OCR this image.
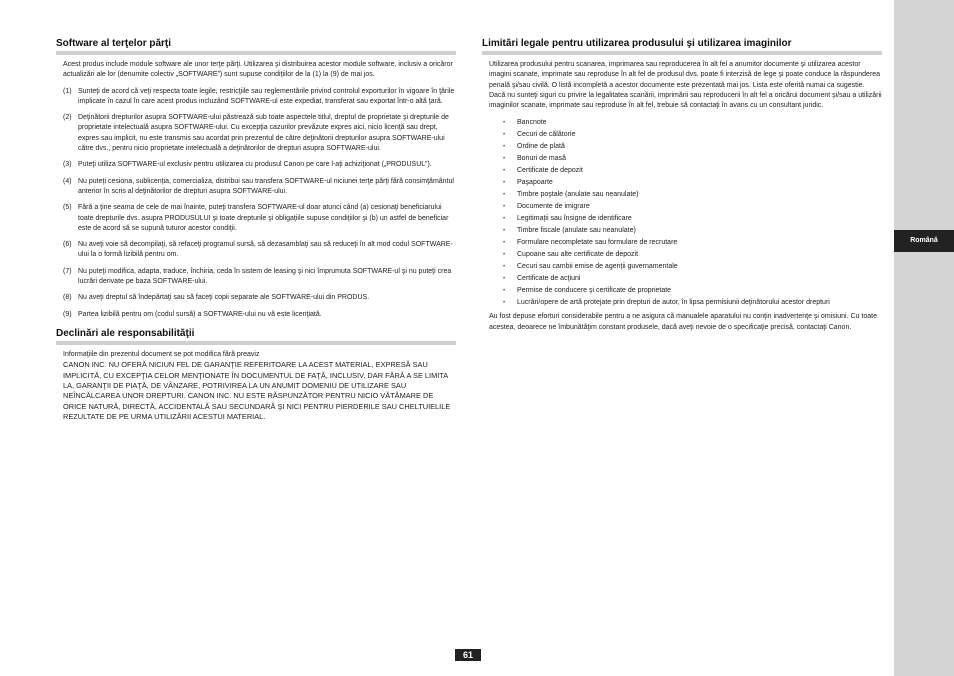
Română
Software al terţelor părţi

Acest produs include module software ale unor terţe părţi. Utilizarea şi distribuirea acestor module software, inclusiv a oricăror actualizări ale lor (denumite colectiv „SOFTWARE”) sunt supuse condiţiilor de la (1) la (9) de mai jos.

(1) Sunteţi de acord că veţi respecta toate legile, restricţiile sau reglementările privind controlul exporturilor în vigoare în ţările implicate în cazul în care acest produs incluzând SOFTWARE-ul este expediat, transferat sau exportat într-o altă ţară.
(2) Deţinătorii drepturilor asupra SOFTWARE-ului păstrează sub toate aspectele titlul, dreptul de proprietate şi drepturile de proprietate intelectuală asupra SOFTWARE-ului. Cu excepţia cazurilor prevăzute expres aici, nicio licenţă sau drept, expres sau implicit, nu este transmis sau acordat prin prezentul de către deţinătorii drepturilor asupra SOFTWARE-ului către dvs., pentru nicio proprietate intelectuală a deţinătorilor de drepturi asupra SOFTWARE-ului.
(3) Puteţi utiliza SOFTWARE-ul exclusiv pentru utilizarea cu produsul Canon pe care l-aţi achiziţionat („PRODUSUL”).
(4) Nu puteţi cesiona, sublicenţia, comercializa, distribui sau transfera SOFTWARE-ul niciunei terţe părţi fără consimţământul anterior în scris al deţinătorilor de drepturi asupra SOFTWARE-ului.
(5) Fără a ţine seama de cele de mai înainte, puteţi transfera SOFTWARE-ul doar atunci când (a) cesionaţi beneficiarului toate drepturile dvs. asupra PRODUSULUI şi toate drepturile şi obligaţiile supuse condiţiilor şi (b) un astfel de beneficiar este de acord să se supună tuturor acestor condiţii.
(6) Nu aveţi voie să decompilaţi, să refaceţi programul sursă, să dezasamblaţi sau să reduceţi în alt mod codul SOFTWARE-ului la o formă lizibilă pentru om.
(7) Nu puteţi modifica, adapta, traduce, închiria, ceda în sistem de leasing şi nici împrumuta SOFTWARE-ul şi nu puteţi crea lucrări derivate pe baza SOFTWARE-ului.
(8) Nu aveţi dreptul să îndepărtaţi sau să faceţi copii separate ale SOFTWARE-ului din PRODUS.
(9) Partea lizibilă pentru om (codul sursă) a SOFTWARE-ului nu vă este licenţiată.
Declinări ale responsabilităţii

Informaţiile din prezentul document se pot modifica fără preaviz

CANON INC. NU OFERĂ NICIUN FEL DE GARANŢIE REFERITOARE LA ACEST MATERIAL, EXPRESĂ SAU IMPLICITĂ, CU EXCEPŢIA CELOR MENŢIONATE ÎN DOCUMENTUL DE FAŢĂ, INCLUSIV, DAR FĂRĂ A SE LIMITA LA, GARANŢII DE PIAŢĂ, DE VÂNZARE, POTRIVIREA LA UN ANUMIT DOMENIU DE UTILIZARE SAU NEÎNCĂLCAREA UNOR DREPTURI. CANON INC. NU ESTE RĂSPUNZĂTOR PENTRU NICIO VĂTĂMARE DE ORICE NATURĂ, DIRECTĂ, ACCIDENTALĂ SAU SECUNDARĂ ŞI NICI PENTRU PIERDERILE SAU CHELTUIELILE REZULTATE DE PE URMA UTILIZĂRII ACESTUI MATERIAL.

Limitări legale pentru utilizarea produsului şi utilizarea imaginilor

Utilizarea produsului pentru scanarea, imprimarea sau reproducerea în alt fel a anumitor documente şi utilizarea acestor imagini scanate, imprimate sau reproduse în alt fel de produsul dvs. poate fi interzisă de lege şi poate conduce la răspunderea penală şi/sau civilă. O listă incompletă a acestor documente este prezentată mai jos. Lista este oferită numai ca sugestie. Dacă nu sunteţi siguri cu privire la legalitatea scanării, imprimării sau reproducerii în alt fel a oricărui document şi/sau a utilizării imaginilor scanate, imprimate sau reproduse în alt fel, trebuie să contactaţi în avans cu un consultant juridic.

• Bancnote
• Cecuri de călătorie
• Ordine de plată
• Bonuri de masă
• Certificate de depozit
• Paşapoarte
• Timbre poştale (anulate sau neanulate)
• Documente de imigrare
• Legitimaţii sau însigne de identificare
• Timbre fiscale (anulate sau neanulate)
• Formulare necompletate sau formulare de recrutare
• Cupoane sau alte certificate de depozit
• Cecuri sau cambii emise de agenţii guvernamentale
• Certificate de acţiuni
• Permise de conducere şi certificate de proprietate
• Lucrări/opere de artă protejate prin drepturi de autor, în lipsa permisiunii deţinătorului acestor drepturi

Au fost depuse eforturi considerabile pentru a ne asigura că manualele aparatului nu conţin inadvertenţe şi omisiuni. Cu toate acestea, deoarece ne îmbunătăţim constant produsele, dacă aveţi nevoie de o specificaţie precisă, contactaţi Canon.

61
